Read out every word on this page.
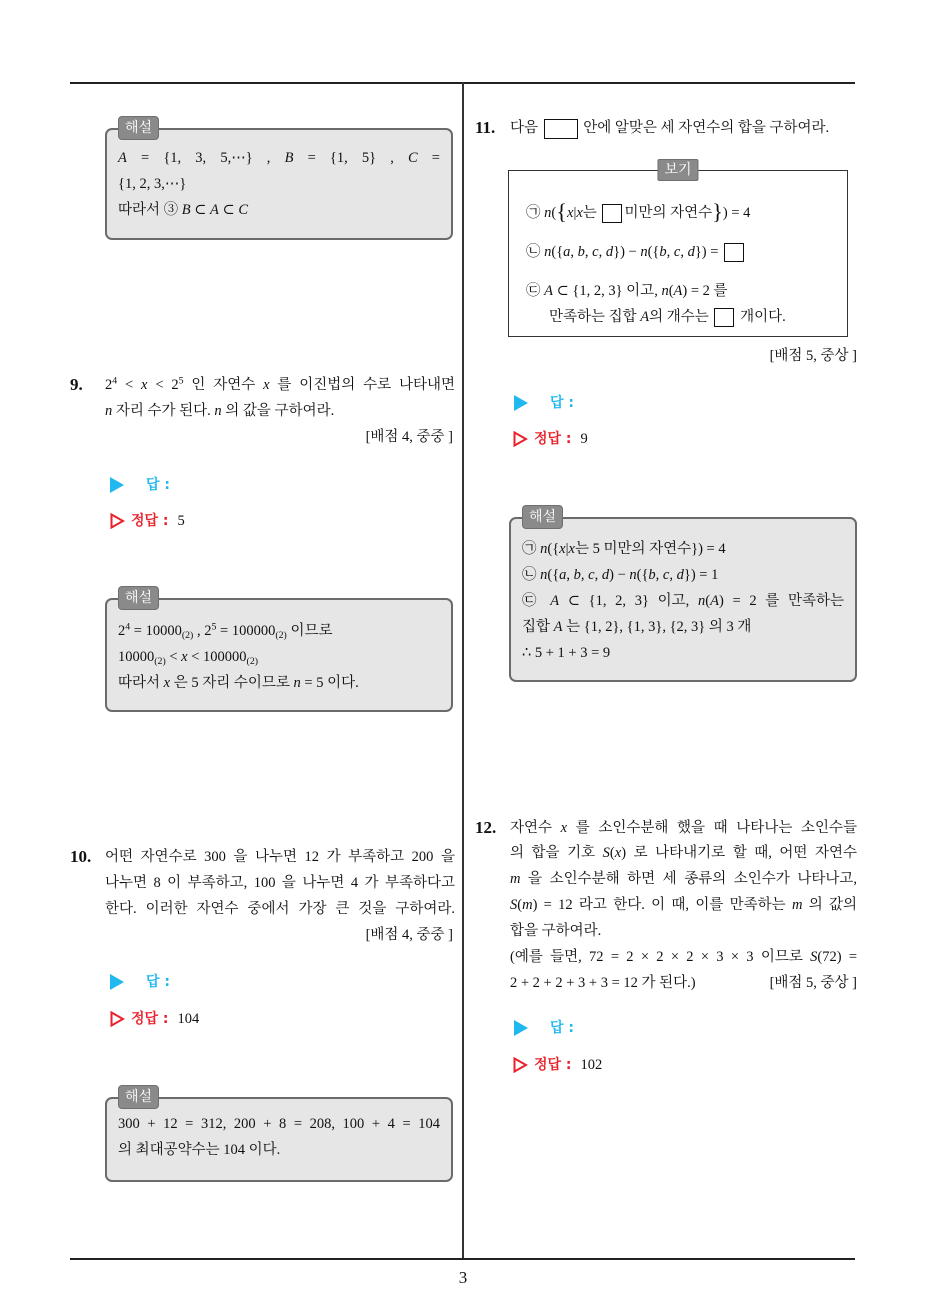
해설
A = {1, 3, 5,⋯} , B = {1, 5} , C =
{1, 2, 3,⋯}
따라서 ③ B ⊂ A ⊂ C
9. $2^4 < x < 2^5$ 인 자연수 x 를 이진법의 수로 나타내면
n 자리 수가 된다. n 의 값을 구하여라.
[배점 4, 중중 ]
답 :
정답 : 5
해설
$2^4 = 10000_{(2)}$ , $2^5 = 100000_{(2)}$ 이므로
$10000_{(2)} < x < 100000_{(2)}$
따라서 x 은 5 자리 수이므로 n = 5 이다.
10. 어떤 자연수로 300 을 나누면 12 가 부족하고 200 을
나누면 8 이 부족하고, 100 을 나누면 4 가 부족하다고
한다. 이러한 자연수 중에서 가장 큰 것을 구하여라.
[배점 4, 중중 ]
답 :
정답 : 104
해설
300 + 12 = 312, 200 + 8 = 208, 100 + 4 = 104
의 최대공약수는 104 이다.
11. 다음	안에 알맞은 세 자연수의 합을 구하여라.
보기
㉠ n({x|x는 미만의 자연수}) = 4
㉡ n({a, b, c, d}) − n({b, c, d}) =
㉢ A ⊂ {1, 2, 3} 이고, n(A) = 2 를
만족하는 집합 A의 개수는  개이다.
[배점 5, 중상 ]
답 :
정답 : 9
해설
㉠ n({x|x는 5 미만의 자연수}) = 4
㉡ n({a, b, c, d) − n({b, c, d}) = 1
㉢ A ⊂ {1, 2, 3} 이고, n(A) = 2 를 만족하는
집합 A 는 {1, 2}, {1, 3}, {2, 3} 의 3 개
∴ 5 + 1 + 3 = 9
12. 자연수 x 를 소인수분해 했을 때 나타나는 소인수들
의 합을 기호 S(x) 로 나타내기로 할 때, 어떤 자연수
m 을 소인수분해 하면 세 종류의 소인수가 나타나고,
S(m) = 12 라고 한다. 이 때, 이를 만족하는 m 의 값의
합을 구하여라.
(예를 들면, 72 = 2 × 2 × 2 × 3 × 3 이므로 S(72) =
2 + 2 + 2 + 3 + 3 = 12 가 된다.)	[배점 5, 중상 ]
답 :
정답 : 102
3
